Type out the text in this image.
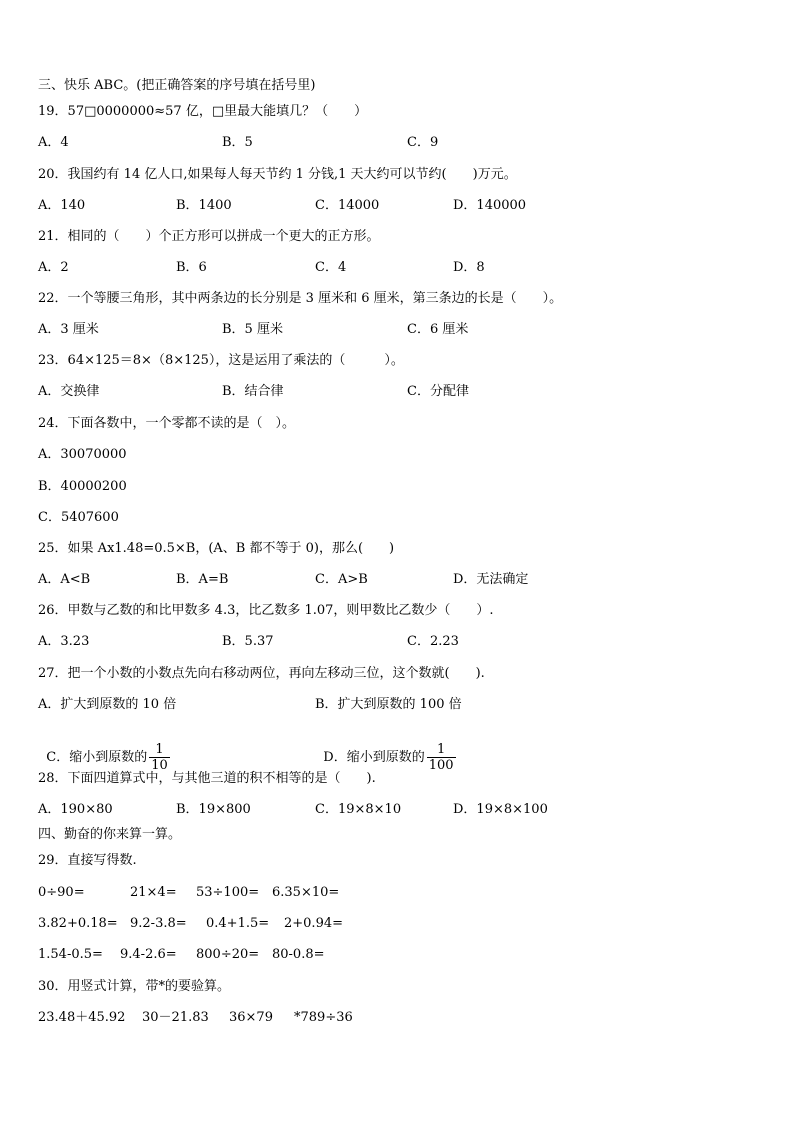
三、快乐 ABC。(把正确答案的序号填在括号里)
19．57□0000000≈57 亿，□里最大能填几？（　　）
A．4	B．5	C．9
20．我国约有 14 亿人口,如果每人每天节约 1 分钱,1 天大约可以节约(　　)万元。
A．140	B．1400	C．14000	D．140000
21．相同的（　　）个正方形可以拼成一个更大的正方形。
A．2	B．6	C．4	D．8
22．一个等腰三角形，其中两条边的长分别是 3 厘米和 6 厘米，第三条边的长是（　　）。
A．3 厘米	B．5 厘米	C．6 厘米
23．64×125＝8×（8×125），这是运用了乘法的（　　　）。
A．交换律	B．结合律	C．分配律
24．下面各数中，一个零都不读的是（　）。
A．30070000
B．40000200
C．5407600
25．如果 Ax1.48=0.5×B，(A、B 都不等于 0)，那么(　　)
A．A<B	B．A=B	C．A>B	D．无法确定
26．甲数与乙数的和比甲数多 4.3，比乙数多 1.07，则甲数比乙数少（　　）.
A．3.23	B．5.37	C．2.23
27．把一个小数的小数点先向右移动两位，再向左移动三位，这个数就(　　).
A．扩大到原数的 10 倍	B．扩大到原数的 100 倍

C．缩小到原数的 $\frac{1}{10}$	D．缩小到原数的 $\frac{1}{100}$

28．下面四道算式中，与其他三道的积不相等的是（　　).
A．190×80	B．19×800	C．19×8×10	D．19×8×100
四、勤奋的你来算一算。
29．直接写得数.
0÷90=	21×4= 53÷100= 6.35×10=
3.82+0.18= 9.2-3.8= 0.4+1.5= 2+0.94=
1.54-0.5= 9.4-2.6= 800÷20= 80-0.8=
30．用竖式计算，带*的要验算。
23.48＋45.92 30－21.83 36×79 *789÷36
